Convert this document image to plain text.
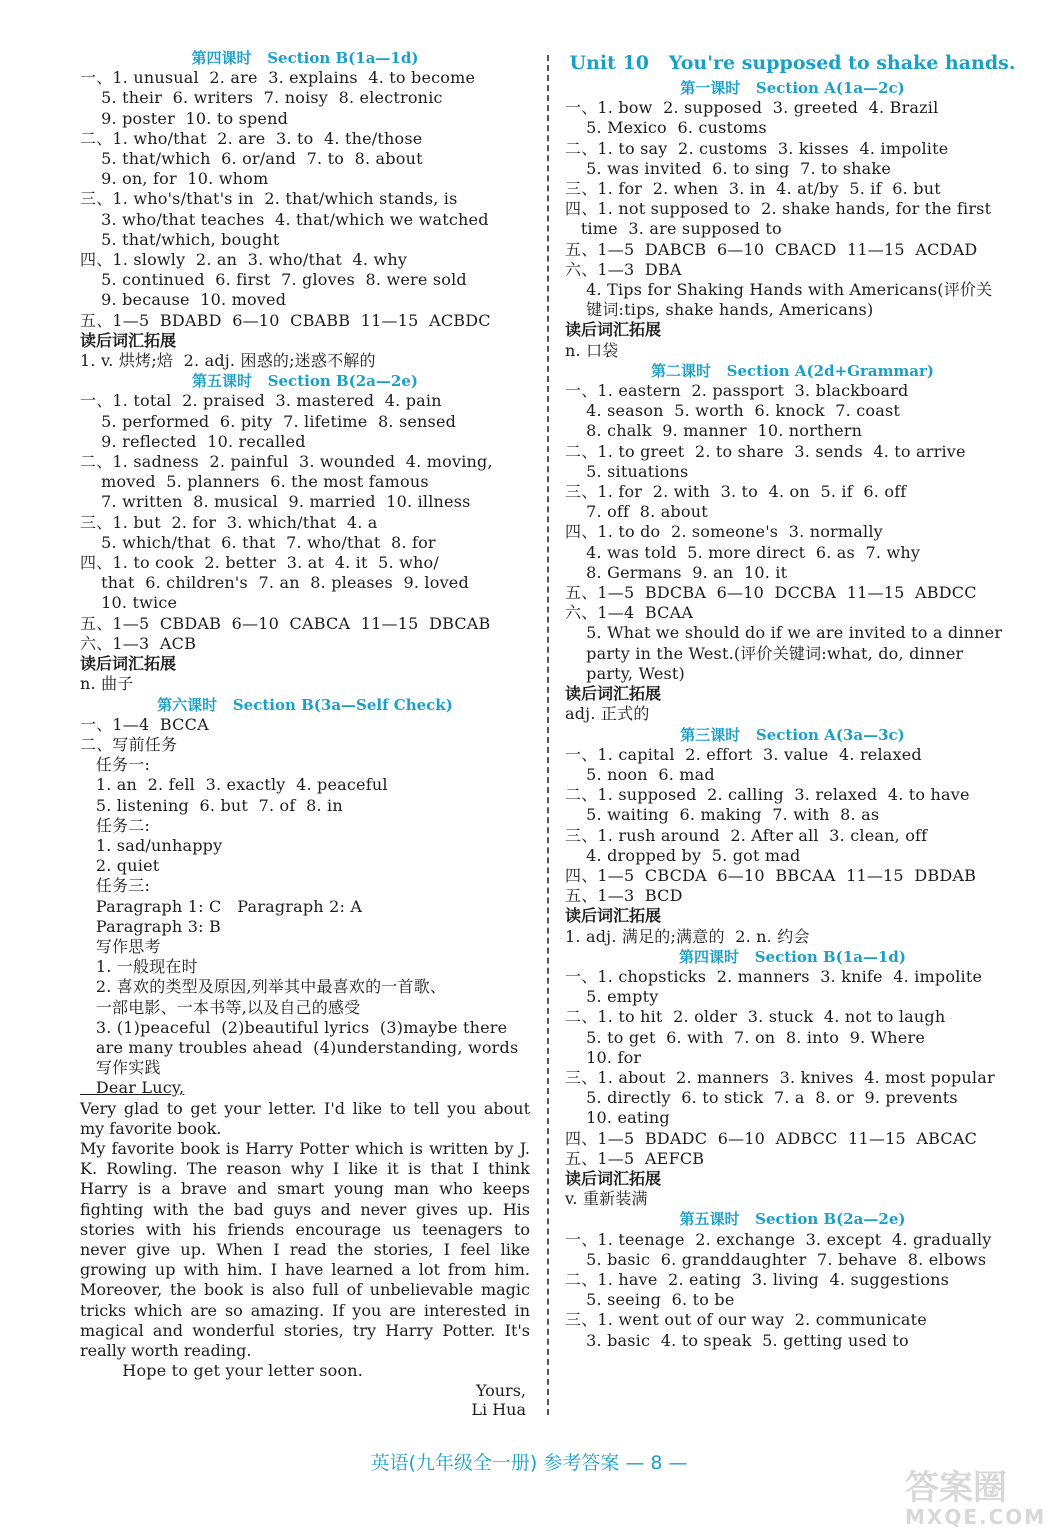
第四课时   Section B(1a—1d)
一、1. unusual  2. are  3. explains  4. to become
5. their  6. writers  7. noisy  8. electronic
9. poster  10. to spend
二、1. who/that  2. are  3. to  4. the/those
5. that/which  6. or/and  7. to  8. about
9. on, for  10. whom
三、1. who's/that's in  2. that/which stands, is
3. who/that teaches  4. that/which we watched
5. that/which, bought
四、1. slowly  2. an  3. who/that  4. why
5. continued  6. first  7. gloves  8. were sold
9. because  10. moved
五、1—5  BDABD  6—10  CBABB  11—15  ACBDC
读后词汇拓展
1. v. 烘烤;焙  2. adj. 困惑的;迷惑不解的
第五课时   Section B(2a—2e)
一、1. total  2. praised  3. mastered  4. pain
5. performed  6. pity  7. lifetime  8. sensed
9. reflected  10. recalled
二、1. sadness  2. painful  3. wounded  4. moving,
moved  5. planners  6. the most famous
7. written  8. musical  9. married  10. illness
三、1. but  2. for  3. which/that  4. a
5. which/that  6. that  7. who/that  8. for
四、1. to cook  2. better  3. at  4. it  5. who/
that  6. children's  7. an  8. pleases  9. loved
10. twice
五、1—5  CBDAB  6—10  CABCA  11—15  DBCAB
六、1—3  ACB
读后词汇拓展
n. 曲子
第六课时   Section B(3a—Self Check)
一、1—4  BCCA
二、写前任务
任务一:
1. an  2. fell  3. exactly  4. peaceful
5. listening  6. but  7. of  8. in
任务二:
1. sad/unhappy
2. quiet
任务三:
Paragraph 1: C   Paragraph 2: A
Paragraph 3: B
写作思考
1. 一般现在时
2. 喜欢的类型及原因,列举其中最喜欢的一首歌、
一部电影、一本书等,以及自己的感受
3. (1)peaceful  (2)beautiful lyrics  (3)maybe there
are many troubles ahead  (4)understanding, words
写作实践
Dear Lucy,
Very glad to get your letter. I'd like to tell you about my favorite book.
My favorite book is Harry Potter which is written by J. K. Rowling. The reason why I like it is that I think Harry is a brave and smart young man who keeps fighting with the bad guys and never gives up. His stories with his friends encourage us teenagers to never give up. When I read the stories, I feel like growing up with him. I have learned a lot from him. Moreover, the book is also full of unbelievable magic tricks which are so amazing. If you are interested in magical and wonderful stories, try Harry Potter. It's really worth reading.
Hope to get your letter soon.
Yours,
Li Hua
Unit 10   You're supposed to shake hands.
第一课时   Section A(1a—2c)
一、1. bow  2. supposed  3. greeted  4. Brazil
5. Mexico  6. customs
二、1. to say  2. customs  3. kisses  4. impolite
5. was invited  6. to sing  7. to shake
三、1. for  2. when  3. in  4. at/by  5. if  6. but
四、1. not supposed to  2. shake hands, for the first
time  3. are supposed to
五、1—5  DABCB  6—10  CBACD  11—15  ACDAD
六、1—3  DBA
4. Tips for Shaking Hands with Americans(评价关
键词:tips, shake hands, Americans)
读后词汇拓展
n. 口袋
第二课时   Section A(2d+Grammar)
一、1. eastern  2. passport  3. blackboard
4. season  5. worth  6. knock  7. coast
8. chalk  9. manner  10. northern
二、1. to greet  2. to share  3. sends  4. to arrive
5. situations
三、1. for  2. with  3. to  4. on  5. if  6. off
7. off  8. about
四、1. to do  2. someone's  3. normally
4. was told  5. more direct  6. as  7. why
8. Germans  9. an  10. it
五、1—5  BDCBA  6—10  DCCBA  11—15  ABDCC
六、1—4  BCAA
5. What we should do if we are invited to a dinner
party in the West.(评价关键词:what, do, dinner
party, West)
读后词汇拓展
adj. 正式的
第三课时   Section A(3a—3c)
一、1. capital  2. effort  3. value  4. relaxed
5. noon  6. mad
二、1. supposed  2. calling  3. relaxed  4. to have
5. waiting  6. making  7. with  8. as
三、1. rush around  2. After all  3. clean, off
4. dropped by  5. got mad
四、1—5  CBCDA  6—10  BBCAA  11—15  DBDAB
五、1—3  BCD
读后词汇拓展
1. adj. 满足的;满意的  2. n. 约会
第四课时   Section B(1a—1d)
一、1. chopsticks  2. manners  3. knife  4. impolite
5. empty
二、1. to hit  2. older  3. stuck  4. not to laugh
5. to get  6. with  7. on  8. into  9. Where
10. for
三、1. about  2. manners  3. knives  4. most popular
5. directly  6. to stick  7. a  8. or  9. prevents
10. eating
四、1—5  BDADC  6—10  ADBCC  11—15  ABCAC
五、1—5  AEFCB
读后词汇拓展
v. 重新装满
第五课时   Section B(2a—2e)
一、1. teenage  2. exchange  3. except  4. gradually
5. basic  6. granddaughter  7. behave  8. elbows
二、1. have  2. eating  3. living  4. suggestions
5. seeing  6. to be
三、1. went out of our way  2. communicate
3. basic  4. to speak  5. getting used to
英语(九年级全一册) 参考答案 — 8 —
答案圈
MXQE.COM
